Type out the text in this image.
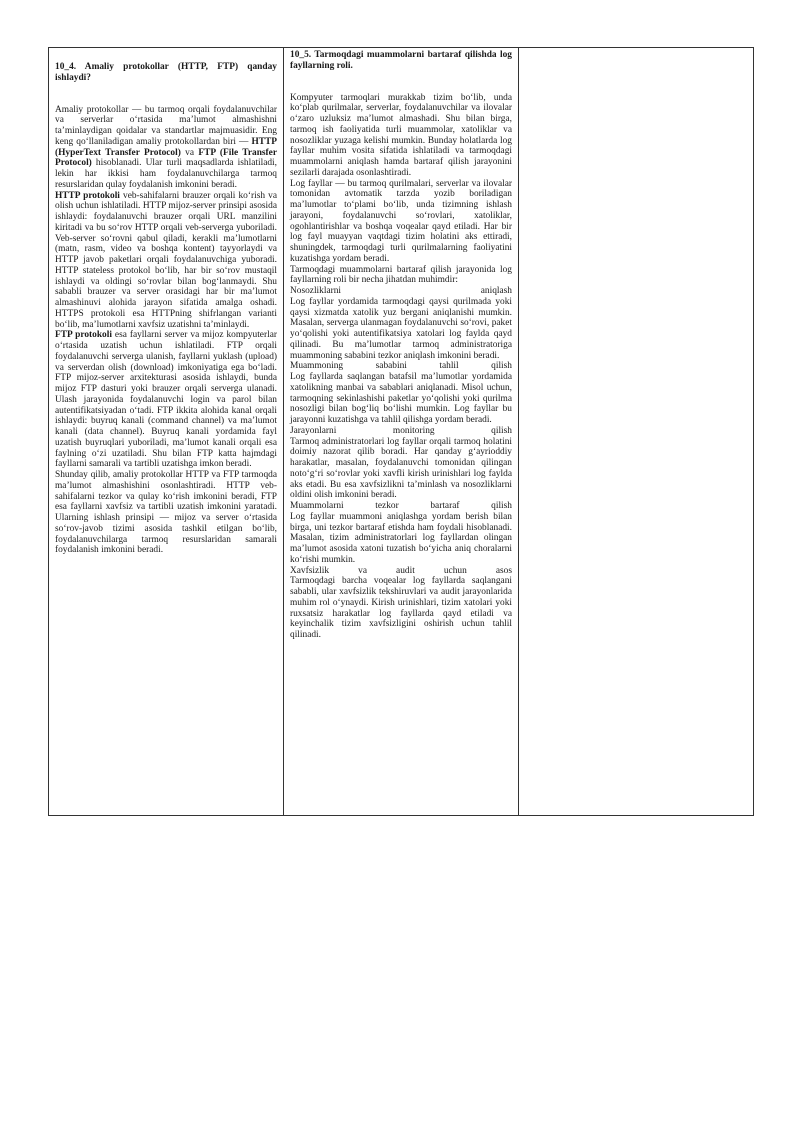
10_4. Amaliy protokollar (HTTP, FTP) qanday ishlaydi?

Amaliy protokollar — bu tarmoq orqali foydalanuvchilar va serverlar o‘rtasida ma’lumot almashishni ta’minlaydigan qoidalar va standartlar majmuasidir. Eng keng qo‘llaniladigan amaliy protokollardan biri — HTTP (HyperText Transfer Protocol) va FTP (File Transfer Protocol) hisoblanadi. Ular turli maqsadlarda ishlatiladi, lekin har ikkisi ham foydalanuvchilarga tarmoq resurslaridan qulay foydalanish imkonini beradi.

HTTP protokoli veb-sahifalarni brauzer orqali ko‘rish va olish uchun ishlatiladi. HTTP mijoz-server prinsipi asosida ishlaydi: foydalanuvchi brauzer orqali URL manzilini kiritadi va bu so‘rov HTTP orqali veb-serverga yuboriladi. Veb-server so‘rovni qabul qiladi, kerakli ma’lumotlarni (matn, rasm, video va boshqa kontent) tayyorlaydi va HTTP javob paketlari orqali foydalanuvchiga yuboradi. HTTP stateless protokol bo‘lib, har bir so‘rov mustaqil ishlaydi va oldingi so‘rovlar bilan bog‘lanmaydi. Shu sababli brauzer va server orasidagi har bir ma’lumot almashinuvi alohida jarayon sifatida amalga oshadi. HTTPS protokoli esa HTTPning shifrlangan varianti bo‘lib, ma’lumotlarni xavfsiz uzatishni ta’minlaydi.

FTP protokoli esa fayllarni server va mijoz kompyuterlar o‘rtasida uzatish uchun ishlatiladi. FTP orqali foydalanuvchi serverga ulanish, fayllarni yuklash (upload) va serverdan olish (download) imkoniyatiga ega bo‘ladi. FTP mijoz-server arxitekturasi asosida ishlaydi, bunda mijoz FTP dasturi yoki brauzer orqali serverga ulanadi. Ulash jarayonida foydalanuvchi login va parol bilan autentifikatsiyadan o‘tadi. FTP ikkita alohida kanal orqali ishlaydi: buyruq kanali (command channel) va ma’lumot kanali (data channel). Buyruq kanali yordamida fayl uzatish buyruqlari yuboriladi, ma’lumot kanali orqali esa faylning o‘zi uzatiladi. Shu bilan FTP katta hajmdagi fayllarni samarali va tartibli uzatishga imkon beradi.

Shunday qilib, amaliy protokollar HTTP va FTP tarmoqda ma’lumot almashishini osonlashtiradi. HTTP veb-sahifalarni tezkor va qulay ko‘rish imkonini beradi, FTP esa fayllarni xavfsiz va tartibli uzatish imkonini yaratadi. Ularning ishlash prinsipi — mijoz va server o‘rtasida so‘rov-javob tizimi asosida tashkil etilgan bo‘lib, foydalanuvchilarga tarmoq resurslaridan samarali foydalanish imkonini beradi.

10_5. Tarmoqdagi muammolarni bartaraf qilishda log fayllarning roli.

Kompyuter tarmoqlari murakkab tizim bo‘lib, unda ko‘plab qurilmalar, serverlar, foydalanuvchilar va ilovalar o‘zaro uzluksiz ma’lumot almashadi. Shu bilan birga, tarmoq ish faoliyatida turli muammolar, xatoliklar va nosozliklar yuzaga kelishi mumkin. Bunday holatlarda log fayllar muhim vosita sifatida ishlatiladi va tarmoqdagi muammolarni aniqlash hamda bartaraf qilish jarayonini sezilarli darajada osonlashtiradi.

Log fayllar — bu tarmoq qurilmalari, serverlar va ilovalar tomonidan avtomatik tarzda yozib boriladigan ma’lumotlar to‘plami bo‘lib, unda tizimning ishlash jarayoni, foydalanuvchi so‘rovlari, xatoliklar, ogohlantirishlar va boshqa voqealar qayd etiladi. Har bir log fayl muayyan vaqtdagi tizim holatini aks ettiradi, shuningdek, tarmoqdagi turli qurilmalarning faoliyatini kuzatishga yordam beradi.

Tarmoqdagi muammolarni bartaraf qilish jarayonida log fayllarning roli bir necha jihatdan muhimdir:

Nosozliklarni aniqlash

Log fayllar yordamida tarmoqdagi qaysi qurilmada yoki qaysi xizmatda xatolik yuz bergani aniqlanishi mumkin. Masalan, serverga ulanmagan foydalanuvchi so‘rovi, paket yo‘qolishi yoki autentifikatsiya xatolari log faylda qayd qilinadi. Bu ma’lumotlar tarmoq administratoriga muammoning sababini tezkor aniqlash imkonini beradi.

Muammoning sababini tahlil qilish

Log fayllarda saqlangan batafsil ma’lumotlar yordamida xatolikning manbai va sabablari aniqlanadi. Misol uchun, tarmoqning sekinlashishi paketlar yo‘qolishi yoki qurilma nosozligi bilan bog‘liq bo‘lishi mumkin. Log fayllar bu jarayonni kuzatishga va tahlil qilishga yordam beradi.

Jarayonlarni monitoring qilish

Tarmoq administratorlari log fayllar orqali tarmoq holatini doimiy nazorat qilib boradi. Har qanday g‘ayrioddiy harakatlar, masalan, foydalanuvchi tomonidan qilingan noto‘g‘ri so‘rovlar yoki xavfli kirish urinishlari log faylda aks etadi. Bu esa xavfsizlikni ta’minlash va nosozliklarni oldini olish imkonini beradi.

Muammolarni tezkor bartaraf qilish

Log fayllar muammoni aniqlashga yordam berish bilan birga, uni tezkor bartaraf etishda ham foydali hisoblanadi. Masalan, tizim administratorlari log fayllardan olingan ma’lumot asosida xatoni tuzatish bo‘yicha aniq choralarni ko‘rishi mumkin.

Xavfsizlik va audit uchun asos

Tarmoqdagi barcha voqealar log fayllarda saqlangani sababli, ular xavfsizlik tekshiruvlari va audit jarayonlarida muhim rol o‘ynaydi. Kirish urinishlari, tizim xatolari yoki ruxsatsiz harakatlar log fayllarda qayd etiladi va keyinchalik tizim xavfsizligini oshirish uchun tahlil qilinadi.
